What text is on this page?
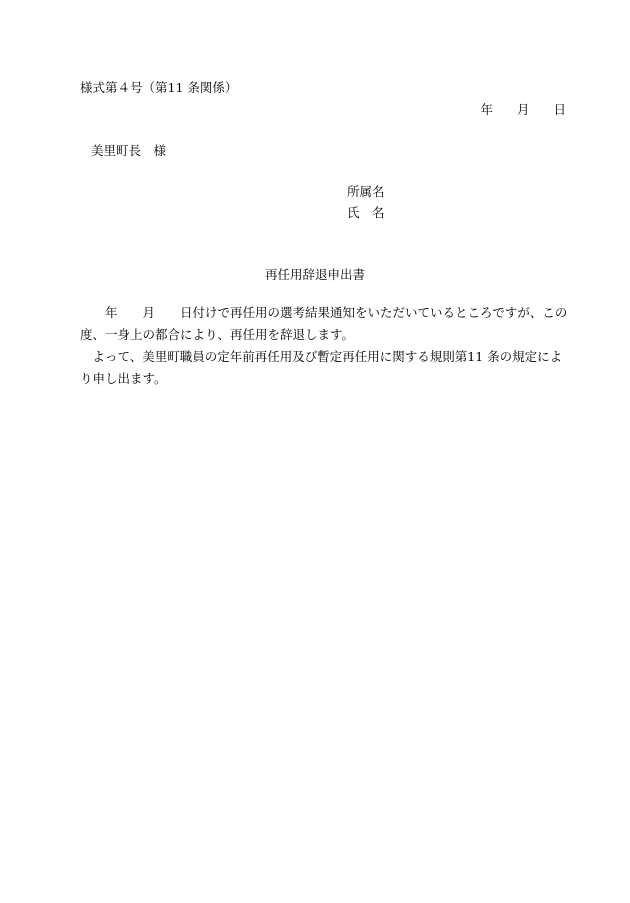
様式第４号（第11 条関係）
年 月 日
美里町長　様
所属名
氏　名
再任用辞退申出書
　　年　　月　　日付けで再任用の選考結果通知をいただいているところですが、この度、一身上の都合により、再任用を辞退します。
　よって、美里町職員の定年前再任用及び暫定再任用に関する規則第11 条の規定により申し出ます。
